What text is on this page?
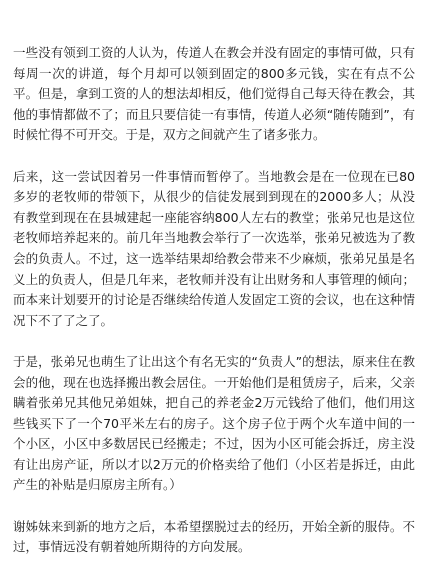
一些没有领到工资的人认为，传道人在教会并没有固定的事情可做，只有每周一次的讲道，每个月却可以领到固定的800多元钱，实在有点不公平。但是，拿到工资的人的想法却相反，他们觉得自己每天待在教会，其他的事情都做不了；而且只要信徒一有事情，传道人必须“随传随到”，有时候忙得不可开交。于是，双方之间就产生了诸多张力。

后来，这一尝试因着另一件事情而暂停了。当地教会是在一位现在已80多岁的老牧师的带领下，从很少的信徒发展到到现在的2000多人；从没有教堂到现在在县城建起一座能容纳800人左右的教堂；张弟兄也是这位老牧师培养起来的。前几年当地教会举行了一次选举，张弟兄被选为了教会的负责人。不过，这一选举结果却给教会带来不少麻烦，张弟兄虽是名义上的负责人，但是几年来，老牧师并没有让出财务和人事管理的倾向；而本来计划要开的讨论是否继续给传道人发固定工资的会议，也在这种情况下不了了之了。

于是，张弟兄也萌生了让出这个有名无实的“负责人”的想法，原来住在教会的他，现在也选择搬出教会居住。一开始他们是租赁房子，后来，父亲瞒着张弟兄其他兄弟姐妹，把自己的养老金2万元钱给了他们，他们用这些钱买下了一个70平米左右的房子。这个房子位于两个火车道中间的一个小区，小区中多数居民已经搬走；不过，因为小区可能会拆迁，房主没有让出房产证，所以才以2万元的价格卖给了他们（小区若是拆迁，由此产生的补贴是归原房主所有。）

谢姊妹来到新的地方之后，本希望摆脱过去的经历，开始全新的服侍。不过，事情远没有朝着她所期待的方向发展。
